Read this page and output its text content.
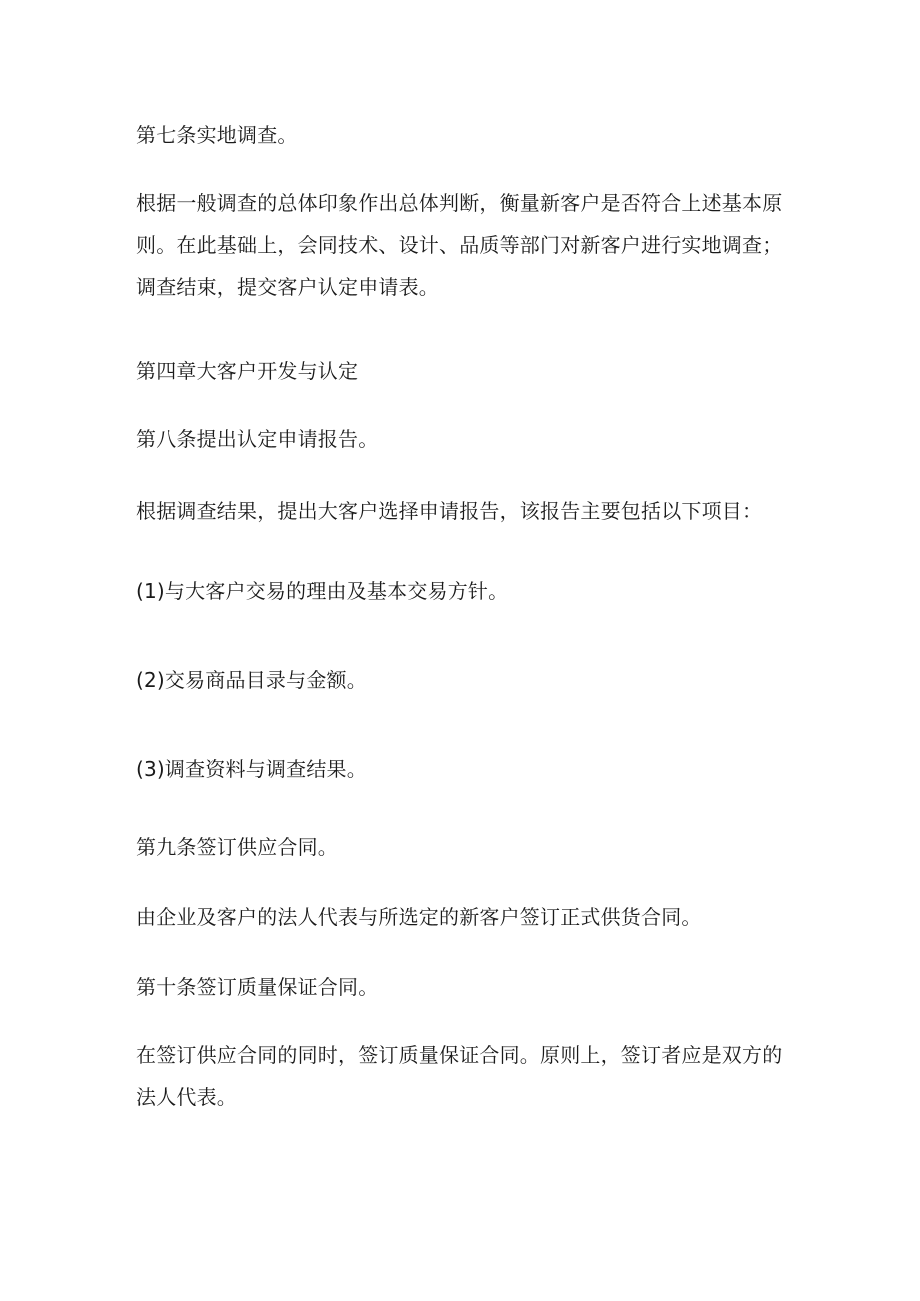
第七条实地调查。

根据一般调查的总体印象作出总体判断，衡量新客户是否符合上述基本原则。在此基础上，会同技术、设计、品质等部门对新客户进行实地调查；调查结束，提交客户认定申请表。

第四章大客户开发与认定

第八条提出认定申请报告。

根据调查结果，提出大客户选择申请报告，该报告主要包括以下项目：

(1)与大客户交易的理由及基本交易方针。

(2)交易商品目录与金额。

(3)调查资料与调查结果。

第九条签订供应合同。

由企业及客户的法人代表与所选定的新客户签订正式供货合同。

第十条签订质量保证合同。

在签订供应合同的同时，签订质量保证合同。原则上，签订者应是双方的法人代表。
